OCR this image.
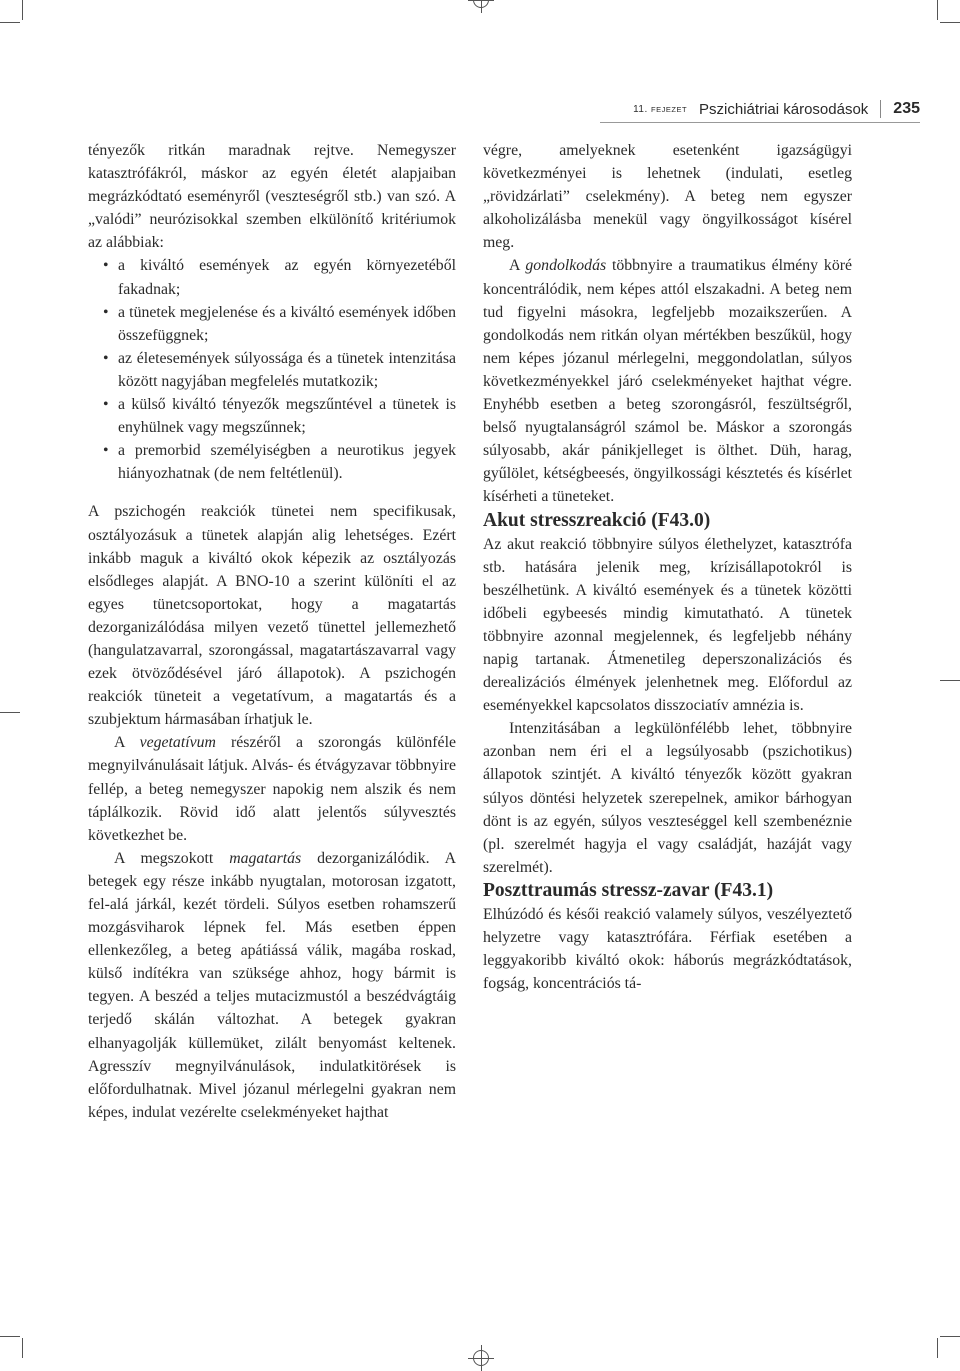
11. FEJEZET Pszichiátriai károsodások	235

tényezők ritkán maradnak rejtve. Nemegyszer katasztrófákról, máskor az egyén életét alapjaiban megrázkódtató eseményről (veszteségről stb.) van szó. A „valódi” neurózisokkal szemben elkülönítő kritériumok az alábbiak:

• a kiváltó események az egyén környezetéből fakadnak;
• a tünetek megjelenése és a kiváltó események időben összefüggnek;
• az életesemények súlyossága és a tünetek intenzitása között nagyjában megfelelés mutatkozik;
• a külső kiváltó tényezők megszűntével a tünetek is enyhülnek vagy megszűnnek;
• a premorbid személyiségben a neurotikus jegyek hiányozhatnak (de nem feltétlenül).

A pszichogén reakciók tünetei nem specifikusak, osztályozásuk a tünetek alapján alig lehetséges. Ezért inkább maguk a kiváltó okok képezik az osztályozás elsődleges alapját. A BNO-10 a szerint különíti el az egyes tünetcsoportokat, hogy a magatartás dezorganizálódása milyen vezető tünettel jellemezhető (hangulatzavarral, szorongással, magatartászavarral vagy ezek ötvöződésével járó állapotok). A pszichogén reakciók tüneteit a vegetatívum, a magatartás és a szubjektum hármasában írhatjuk le.

A vegetatívum részéről a szorongás különféle megnyilvánulásait látjuk. Alvás- és étvágyzavar többnyire fellép, a beteg nemegyszer napokig nem alszik és nem táplálkozik. Rövid idő alatt jelentős súlyvesztés következhet be.

A megszokott magatartás dezorganizálódik. A betegek egy része inkább nyugtalan, motorosan izgatott, fel-alá járkál, kezét tördeli. Súlyos esetben rohamszerű mozgásviharok lépnek fel. Más esetben éppen ellenkezőleg, a beteg apátiássá válik, magába roskad, külső indítékra van szüksége ahhoz, hogy bármit is tegyen. A beszéd a teljes mutacizmustól a beszédvágtáig terjedő skálán változhat. A betegek gyakran elhanyagolják küllemüket, zilált benyomást keltenek. Agresszív megnyilvánulások, indulatkitörések is előfordulhatnak. Mivel józanul mérlegelni gyakran nem képes, indulat vezérelte cselekményeket hajthat

végre, amelyeknek esetenként igazságügyi következményei is lehetnek (indulati, esetleg „rövidzárlati” cselekmény). A beteg nem egyszer alkoholizálásba menekül vagy öngyilkosságot kísérel meg.

A gondolkodás többnyire a traumatikus élmény köré koncentrálódik, nem képes attól elszakadni. A beteg nem tud figyelni másokra, legfeljebb mozaikszerűen. A gondolkodás nem ritkán olyan mértékben beszűkül, hogy nem képes józanul mérlegelni, meggondolatlan, súlyos következményekkel járó cselekményeket hajthat végre. Enyhébb esetben a beteg szorongásról, feszültségről, belső nyugtalanságról számol be. Máskor a szorongás súlyosabb, akár pánikjelleget is ölthet. Düh, harag, gyűlölet, kétségbeesés, öngyilkossági késztetés és kísérlet kísérheti a tüneteket.

Akut stresszreakció (F43.0)

Az akut reakció többnyire súlyos élethelyzet, katasztrófa stb. hatására jelenik meg, krízisállapotokról is beszélhetünk. A kiváltó események és a tünetek közötti időbeli egybeesés mindig kimutatható. A tünetek többnyire azonnal megjelennek, és legfeljebb néhány napig tartanak. Átmenetileg deperszonalizációs és derealizációs élmények jelenhetnek meg. Előfordul az eseményekkel kapcsolatos disszociatív amnézia is.

Intenzitásában a legkülönfélébb lehet, többnyire azonban nem éri el a legsúlyosabb (pszichotikus) állapotok szintjét. A kiváltó tényezők között gyakran súlyos döntési helyzetek szerepelnek, amikor bárhogyan dönt is az egyén, súlyos veszteséggel kell szembenéznie (pl. szerelmét hagyja el vagy családját, hazáját vagy szerelmét).

Poszttraumás stressz-zavar (F43.1)

Elhúzódó és késői reakció valamely súlyos, veszélyeztető helyzetre vagy katasztrófára. Férfiak esetében a leggyakoribb kiváltó okok: háborús megrázkódtatások, fogság, koncentrációs tá-
